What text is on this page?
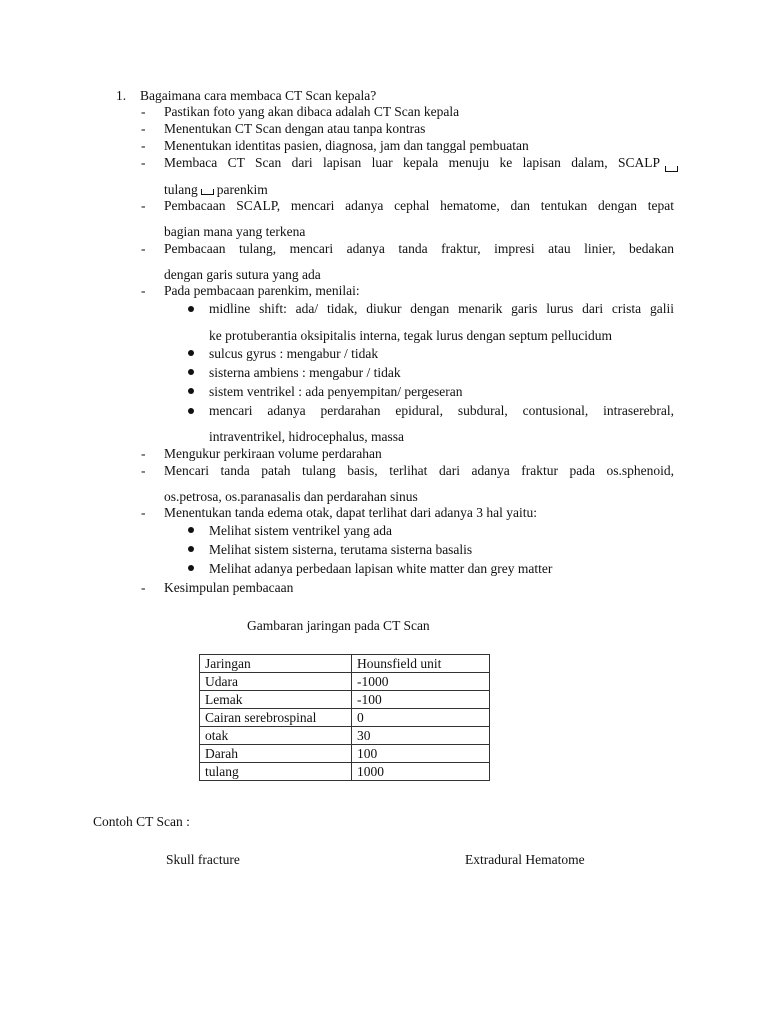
1. Bagaimana cara membaca CT Scan kepala?
- Pastikan foto yang akan dibaca adalah CT Scan kepala
- Menentukan CT Scan dengan atau tanpa kontras
- Menentukan identitas pasien, diagnosa, jam dan tanggal pembuatan
- Membaca CT Scan dari lapisan luar kepala menuju ke lapisan dalam, SCALP
tulang parenkim
- Pembacaan SCALP, mencari adanya cephal hematome, dan tentukan dengan tepat
bagian mana yang terkena
- Pembacaan tulang, mencari adanya tanda fraktur, impresi atau linier, bedakan
dengan garis sutura yang ada
- Pada pembacaan parenkim, menilai:
midline shift: ada/ tidak, diukur dengan menarik garis lurus dari crista galii
ke protuberantia oksipitalis interna, tegak lurus dengan septum pellucidum
sulcus gyrus : mengabur / tidak
sisterna ambiens : mengabur / tidak
sistem ventrikel : ada penyempitan/ pergeseran
mencari adanya perdarahan epidural, subdural, contusional, intraserebral,
intraventrikel, hidrocephalus, massa
- Mengukur perkiraan volume perdarahan
- Mencari tanda patah tulang basis, terlihat dari adanya fraktur pada os.sphenoid,
os.petrosa, os.paranasalis dan perdarahan sinus
- Menentukan tanda edema otak, dapat terlihat dari adanya 3 hal yaitu:
Melihat sistem ventrikel yang ada
Melihat sistem sisterna, terutama sisterna basalis
Melihat adanya perbedaan lapisan white matter dan grey matter
- Kesimpulan pembacaan
Gambaran jaringan pada CT Scan
Jaringan	Hounsfield unit
Udara	-1000
Lemak	-100
Cairan serebrospinal	0
otak	30
Darah	100
tulang	1000
Contoh CT Scan :
Skull fracture	Extradural Hematome
